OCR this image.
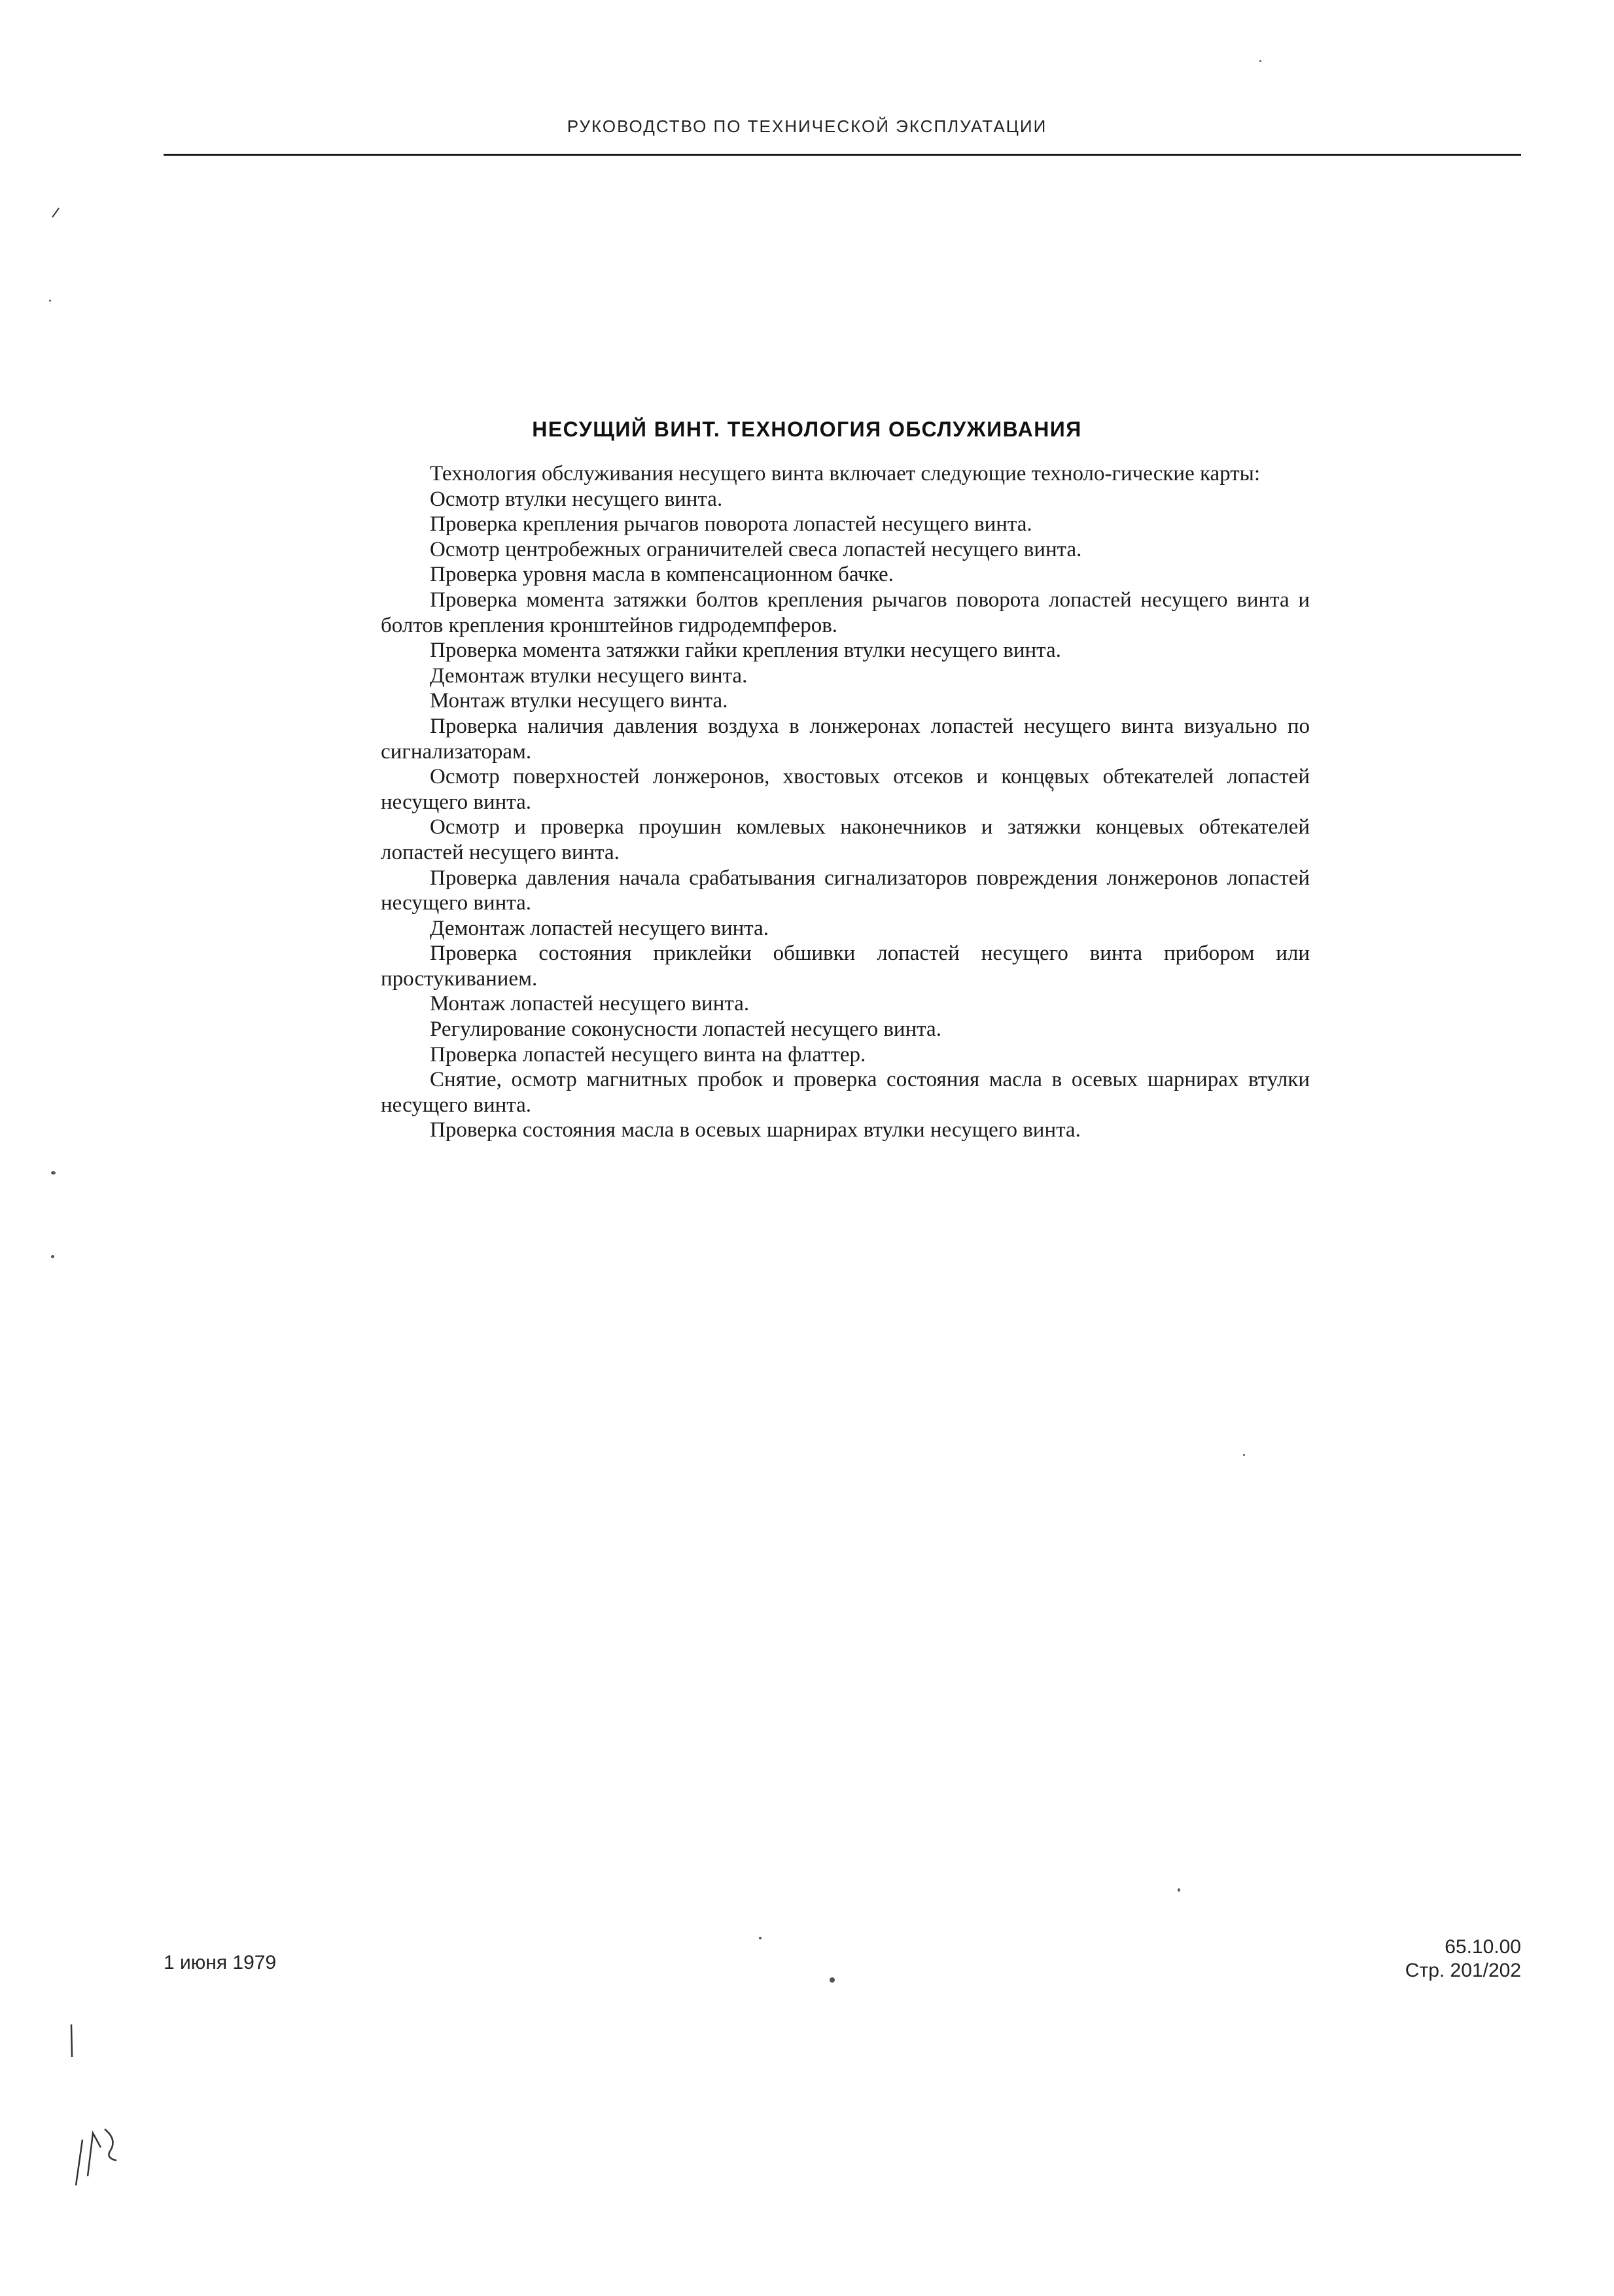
РУКОВОДСТВО ПО ТЕХНИЧЕСКОЙ ЭКСПЛУАТАЦИИ
НЕСУЩИЙ ВИНТ. ТЕХНОЛОГИЯ ОБСЛУЖИВАНИЯ

Технология обслуживания несущего винта включает следующие техноло-гические карты:

Осмотр втулки несущего винта.

Проверка крепления рычагов поворота лопастей несущего винта.

Осмотр центробежных ограничителей свеса лопастей несущего винта.

Проверка уровня масла в компенсационном бачке.

Проверка момента затяжки болтов крепления рычагов поворота лопастей несущего винта и болтов крепления кронштейнов гидродемпферов.

Проверка момента затяжки гайки крепления втулки несущего винта.

Демонтаж втулки несущего винта.

Монтаж втулки несущего винта.

Проверка наличия давления воздуха в лонжеронах лопастей несущего винта визуально по сигнализаторам.

Осмотр поверхностей лонжеронов, хвостовых отсеков и концевых обтекателей лопастей несущего винта.

Осмотр и проверка проушин комлевых наконечников и затяжки концевых обтекателей лопастей несущего винта.

Проверка давления начала срабатывания сигнализаторов повреждения лонжеронов лопастей несущего винта.

Демонтаж лопастей несущего винта.

Проверка состояния приклейки обшивки лопастей несущего винта прибором или простукиванием.

Монтаж лопастей несущего винта.

Регулирование соконусности лопастей несущего винта.

Проверка лопастей несущего винта на флаттер.

Снятие, осмотр магнитных пробок и проверка состояния масла в осевых шарнирах втулки несущего винта.

Проверка состояния масла в осевых шарнирах втулки несущего винта.

1 июня 1979
65.10.00
Стр. 201/202
